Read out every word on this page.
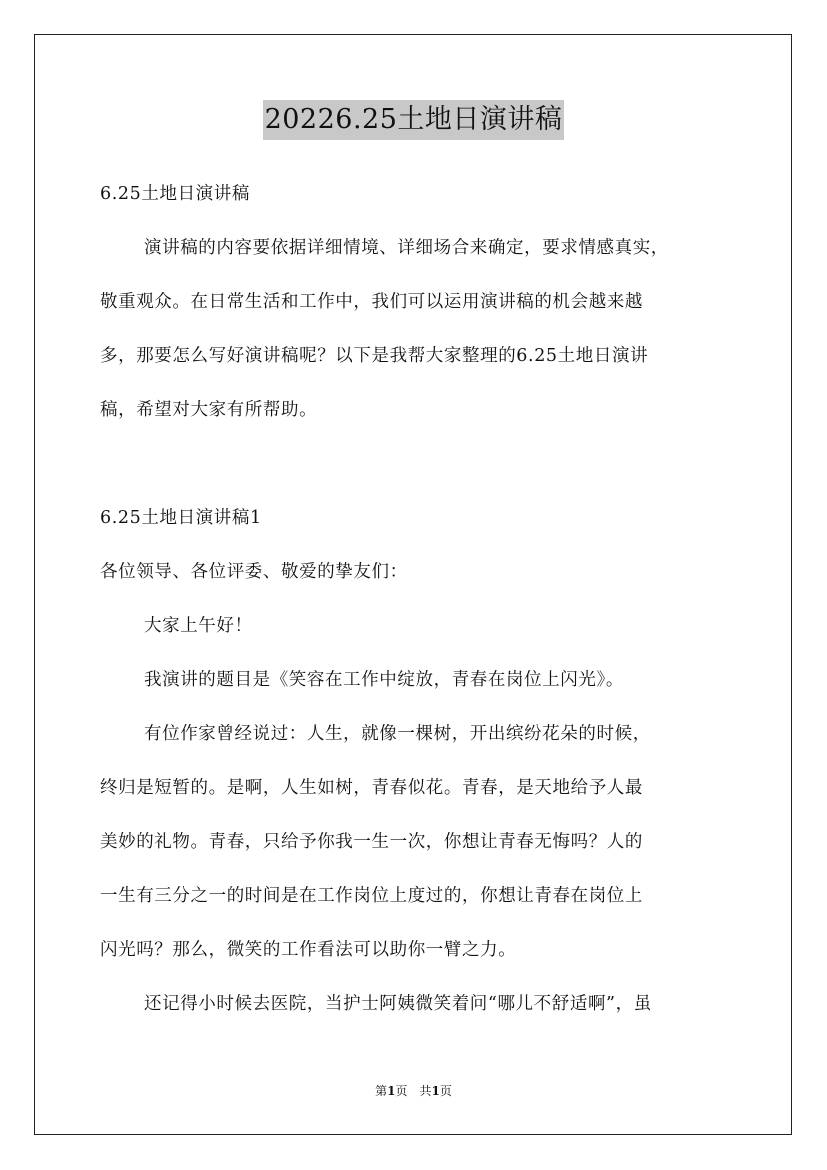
20226.25土地日演讲稿
6.25土地日演讲稿
演讲稿的内容要依据详细情境、详细场合来确定，要求情感真实，
敬重观众。在日常生活和工作中，我们可以运用演讲稿的机会越来越
多，那要怎么写好演讲稿呢？以下是我帮大家整理的6.25土地日演讲
稿，希望对大家有所帮助。
6.25土地日演讲稿1
各位领导、各位评委、敬爱的挚友们：
大家上午好！
我演讲的题目是《笑容在工作中绽放，青春在岗位上闪光》。
有位作家曾经说过：人生，就像一棵树，开出缤纷花朵的时候，
终归是短暂的。是啊，人生如树，青春似花。青春，是天地给予人最
美妙的礼物。青春，只给予你我一生一次，你想让青春无悔吗？人的
一生有三分之一的时间是在工作岗位上度过的，你想让青春在岗位上
闪光吗？那么，微笑的工作看法可以助你一臂之力。
还记得小时候去医院，当护士阿姨微笑着问“哪儿不舒适啊”，虽
第1页　共1页
